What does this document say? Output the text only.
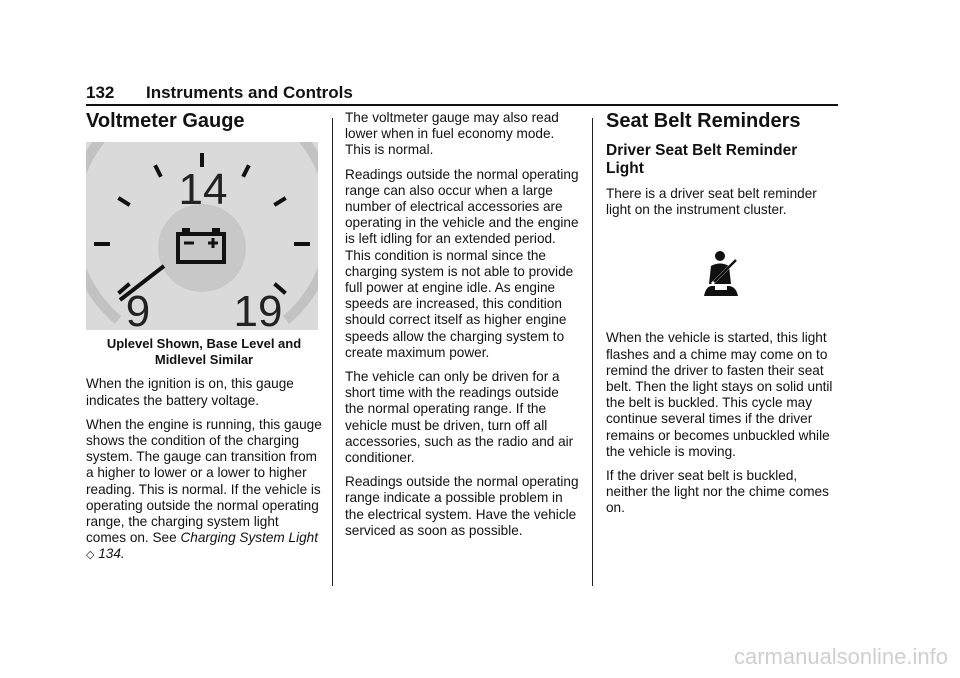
132 Instruments and Controls
Voltmeter Gauge
14
9 19
Uplevel Shown, Base Level and
Midlevel Similar

When the ignition is on, this gauge indicates the battery voltage.

When the engine is running, this gauge shows the condition of the charging system. The gauge can transition from a higher to lower or a lower to higher reading. This is normal. If the vehicle is operating outside the normal operating range, the charging system light comes on. See Charging System Light ◇ 134.

The voltmeter gauge may also read lower when in fuel economy mode. This is normal.

Readings outside the normal operating range can also occur when a large number of electrical accessories are operating in the vehicle and the engine is left idling for an extended period. This condition is normal since the charging system is not able to provide full power at engine idle. As engine speeds are increased, this condition should correct itself as higher engine speeds allow the charging system to create maximum power.

The vehicle can only be driven for a short time with the readings outside the normal operating range. If the vehicle must be driven, turn off all accessories, such as the radio and air conditioner.

Readings outside the normal operating range indicate a possible problem in the electrical system. Have the vehicle serviced as soon as possible.

Seat Belt Reminders
Driver Seat Belt Reminder Light

There is a driver seat belt reminder light on the instrument cluster.

When the vehicle is started, this light flashes and a chime may come on to remind the driver to fasten their seat belt. Then the light stays on solid until the belt is buckled. This cycle may continue several times if the driver remains or becomes unbuckled while the vehicle is moving.

If the driver seat belt is buckled, neither the light nor the chime comes on.

carmanualsonline.info
